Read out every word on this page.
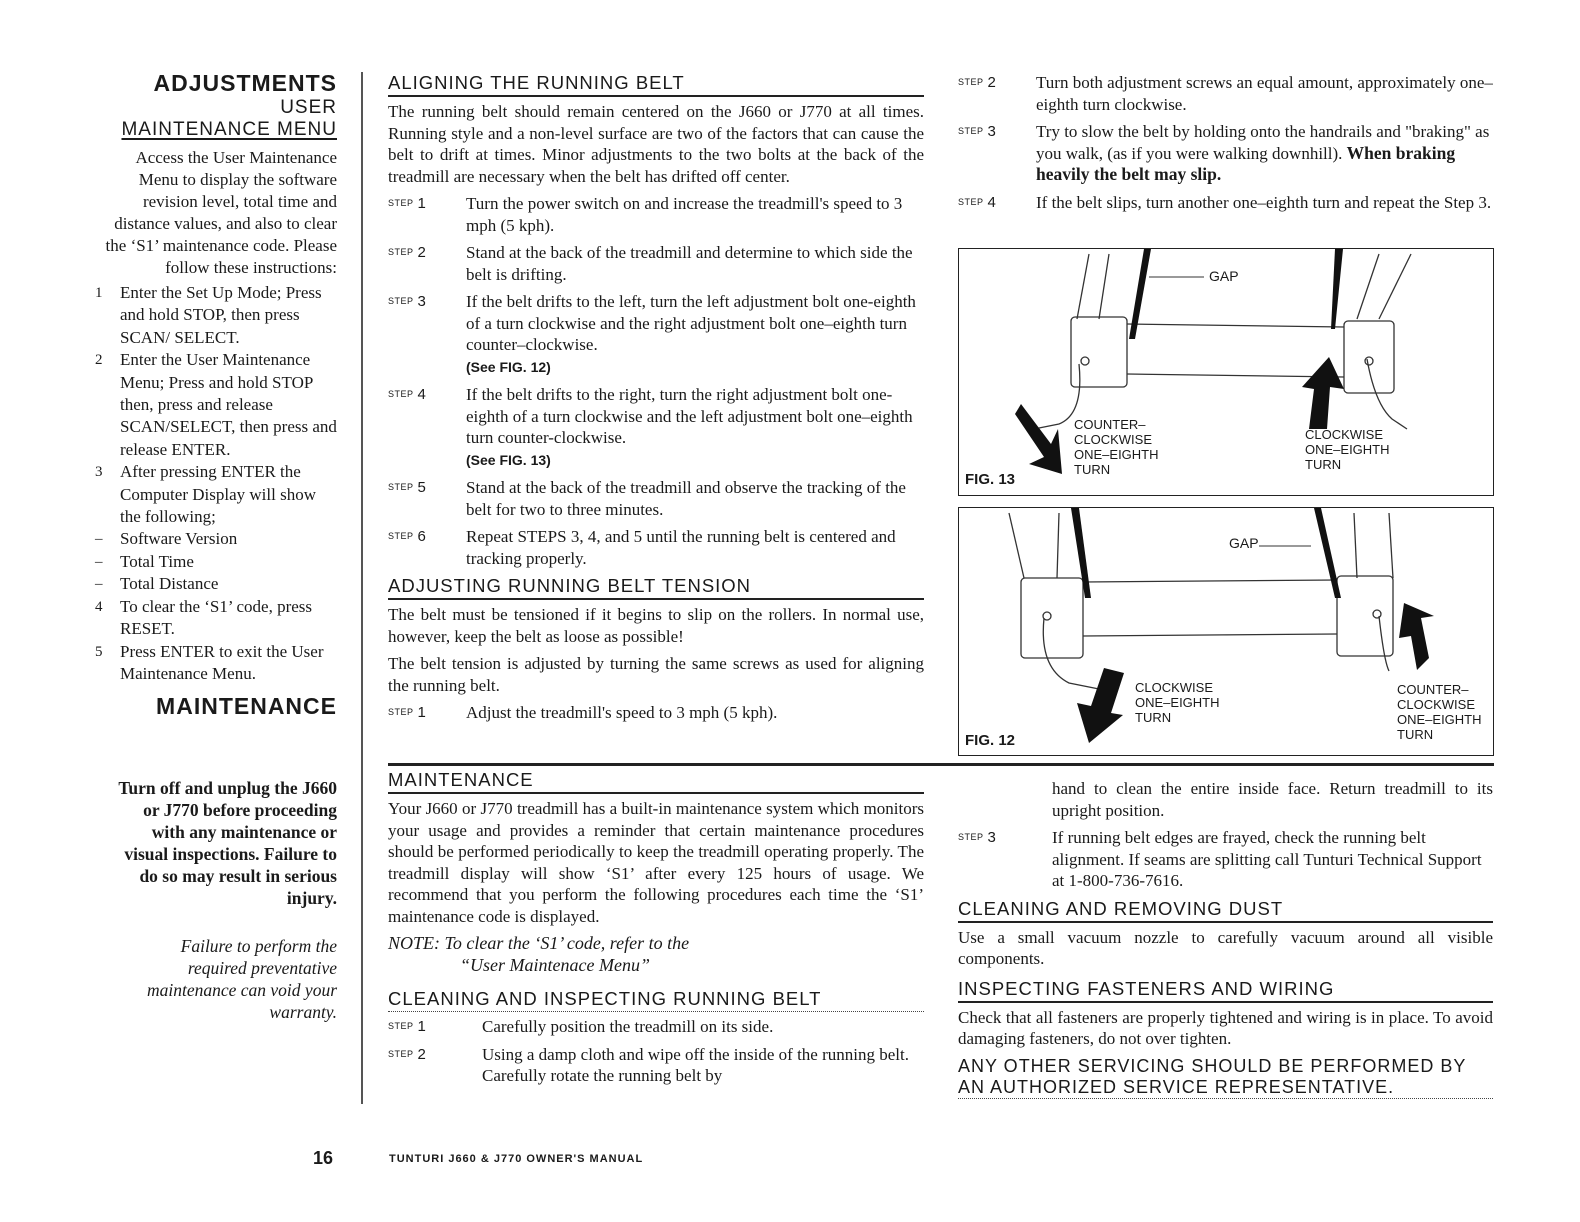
ADJUSTMENTS

USER

MAINTENANCE MENU

Access the User Maintenance Menu to display the software revision level, total time and distance values, and also to clear the ‘S1’ maintenance code. Please follow these instructions:

1	Enter the Set Up Mode; Press and hold STOP, then press SCAN/ SELECT.
2	Enter the User Maintenance Menu; Press and hold STOP then, press and release SCAN/SELECT, then press and release ENTER.
3	After pressing ENTER the Computer Display will show the following;
–	Software Version
–	Total Time
–	Total Distance
4	To clear the ‘S1’ code, press RESET.
5	Press ENTER to exit the User Maintenance Menu.
MAINTENANCE

Turn off and unplug the J660 or J770 before proceeding with any maintenance or visual inspections. Failure to do so may result in serious injury.

Failure to perform the required preventative maintenance can void your warranty.

ALIGNING THE RUNNING BELT

The running belt should remain centered on the J660 or J770 at all times. Running style and a non-level surface are two of the factors that can cause the belt to drift at times. Minor adjustments to the two bolts at the back of the treadmill are necessary when the belt has drifted off center.

$^{STEP}$ 1	Turn the power switch on and increase the treadmill's speed to 3 mph (5 kph).
$^{STEP}$ 2	Stand at the back of the treadmill and determine to which side the belt is drifting.
$^{STEP}$ 3	If the belt drifts to the left, turn the left adjustment bolt one-eighth of a turn clockwise and the right adjustment bolt one–eighth turn counter–clockwise.
(See FIG. 12)
$^{STEP}$ 4	If the belt drifts to the right, turn the right adjustment bolt one-eighth of a turn clockwise and the left adjustment bolt one–eighth turn counter-clockwise.
(See FIG. 13)
$^{STEP}$ 5	Stand at the back of the treadmill and observe the tracking of the belt for two to three minutes.
$^{STEP}$ 6	Repeat STEPS 3, 4, and 5 until the running belt is centered and tracking properly.
ADJUSTING RUNNING BELT TENSION

The belt must be tensioned if it begins to slip on the rollers. In normal use, however, keep the belt as loose as possible!

The belt tension is adjusted by turning the same screws as used for aligning the running belt.

$^{STEP}$ 1	Adjust the treadmill's speed to 3 mph (5 kph).
MAINTENANCE

Your J660 or J770 treadmill has a built-in maintenance system which monitors your usage and provides a reminder that certain maintenance procedures should be performed periodically to keep the treadmill operating properly. The treadmill display will show ‘S1’ after every 125 hours of usage. We recommend that you perform the following procedures each time the ‘S1’ maintenance code is displayed.

NOTE: To clear the ‘S1’ code, refer to the

“User Maintenace Menu”

CLEANING AND INSPECTING RUNNING BELT
$^{STEP}$ 1	Carefully position the treadmill on its side.
$^{STEP}$ 2	Using a damp cloth and wipe off the inside of the running belt. Carefully rotate the running belt by
$^{STEP}$ 2	Turn both adjustment screws an equal amount, approximately one–eighth turn clockwise.
$^{STEP}$ 3	Try to slow the belt by holding onto the handrails and "braking" as you walk, (as if you were walking downhill). When braking heavily the belt may slip.
$^{STEP}$ 4	If the belt slips, turn another one–eighth turn and repeat the Step 3.
GAP
COUNTER–
CLOCKWISE
ONE–EIGHTH
TURN
CLOCKWISE
ONE–EIGHTH
TURN
FIG. 13
GAP
CLOCKWISE
ONE–EIGHTH
TURN
COUNTER–
CLOCKWISE
ONE–EIGHTH
TURN
FIG. 12

hand to clean the entire inside face. Return treadmill to its upright position.

$^{STEP}$ 3	If running belt edges are frayed, check the running belt alignment. If seams are splitting call Tunturi Technical Support at 1-800-736-7616.
CLEANING AND REMOVING DUST

Use a small vacuum nozzle to carefully vacuum around all visible components.

INSPECTING FASTENERS AND WIRING

Check that all fasteners are properly tightened and wiring is in place. To avoid damaging fasteners, do not over tighten.

ANY OTHER SERVICING SHOULD BE PERFORMED BY AN AUTHORIZED SERVICE REPRESENTATIVE.
16	TUNTURI J660 & J770 OWNER'S MANUAL
